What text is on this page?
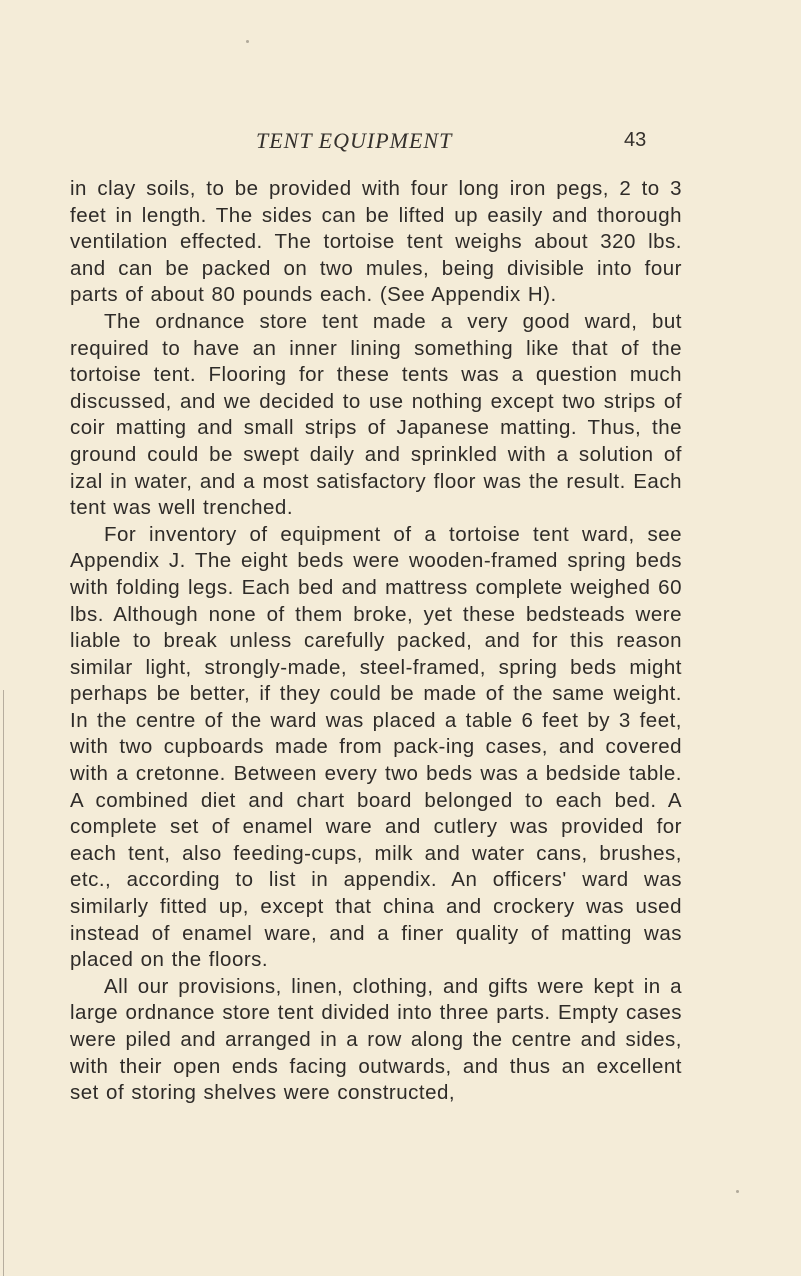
TENT EQUIPMENT	43

in clay soils, to be provided with four long iron pegs, 2 to 3 feet in length. The sides can be lifted up easily and thorough ventilation effected. The tortoise tent weighs about 320 lbs. and can be packed on two mules, being divisible into four parts of about 80 pounds each. (See Appendix H).

The ordnance store tent made a very good ward, but required to have an inner lining something like that of the tortoise tent. Flooring for these tents was a question much discussed, and we decided to use nothing except two strips of coir matting and small strips of Japanese matting. Thus, the ground could be swept daily and sprinkled with a solution of izal in water, and a most satisfactory floor was the result. Each tent was well trenched.

For inventory of equipment of a tortoise tent ward, see Appendix J. The eight beds were wooden-framed spring beds with folding legs. Each bed and mattress complete weighed 60 lbs. Although none of them broke, yet these bedsteads were liable to break unless carefully packed, and for this reason similar light, strongly-made, steel-framed, spring beds might perhaps be better, if they could be made of the same weight. In the centre of the ward was placed a table 6 feet by 3 feet, with two cupboards made from pack-ing cases, and covered with a cretonne. Between every two beds was a bedside table. A combined diet and chart board belonged to each bed. A complete set of enamel ware and cutlery was provided for each tent, also feeding-cups, milk and water cans, brushes, etc., according to list in appendix. An officers' ward was similarly fitted up, except that china and crockery was used instead of enamel ware, and a finer quality of matting was placed on the floors.

All our provisions, linen, clothing, and gifts were kept in a large ordnance store tent divided into three parts. Empty cases were piled and arranged in a row along the centre and sides, with their open ends facing outwards, and thus an excellent set of storing shelves were constructed,
